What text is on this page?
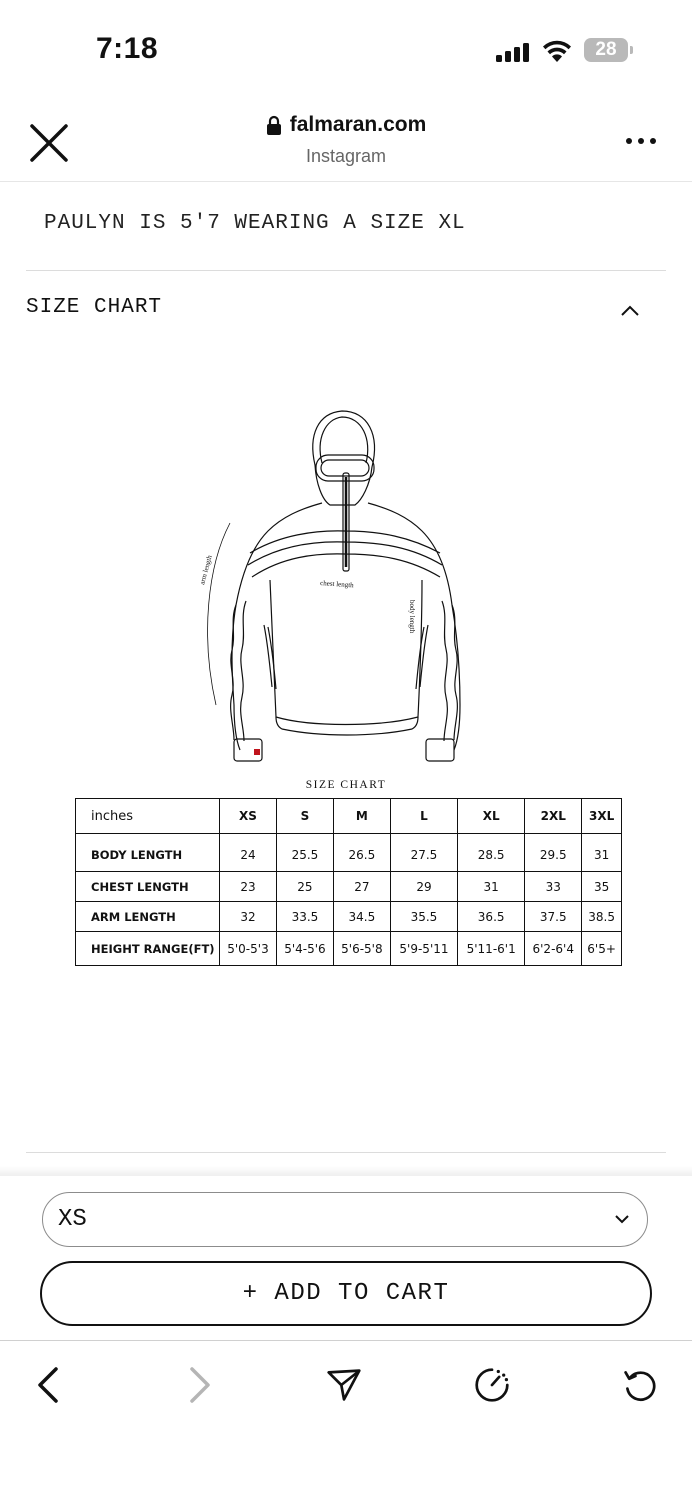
7:18	28
falmaran.com
Instagram
PAULYN IS 5'7 WEARING A SIZE XL
SIZE CHART
arm length	chest length
body length
SIZE CHART
inches	XS	S	M	L	XL	2XL	3XL
BODY LENGTH	24	25.5	26.5	27.5	28.5	29.5	31
CHEST LENGTH	23	25	27	29	31	33	35
ARM LENGTH	32	33.5	34.5	35.5	36.5	37.5	38.5
HEIGHT RANGE(FT)	5'0-5'3	5'4-5'6	5'6-5'8	5'9-5'11	5'11-6'1	6'2-6'4	6'5+
XS
+ ADD TO CART
